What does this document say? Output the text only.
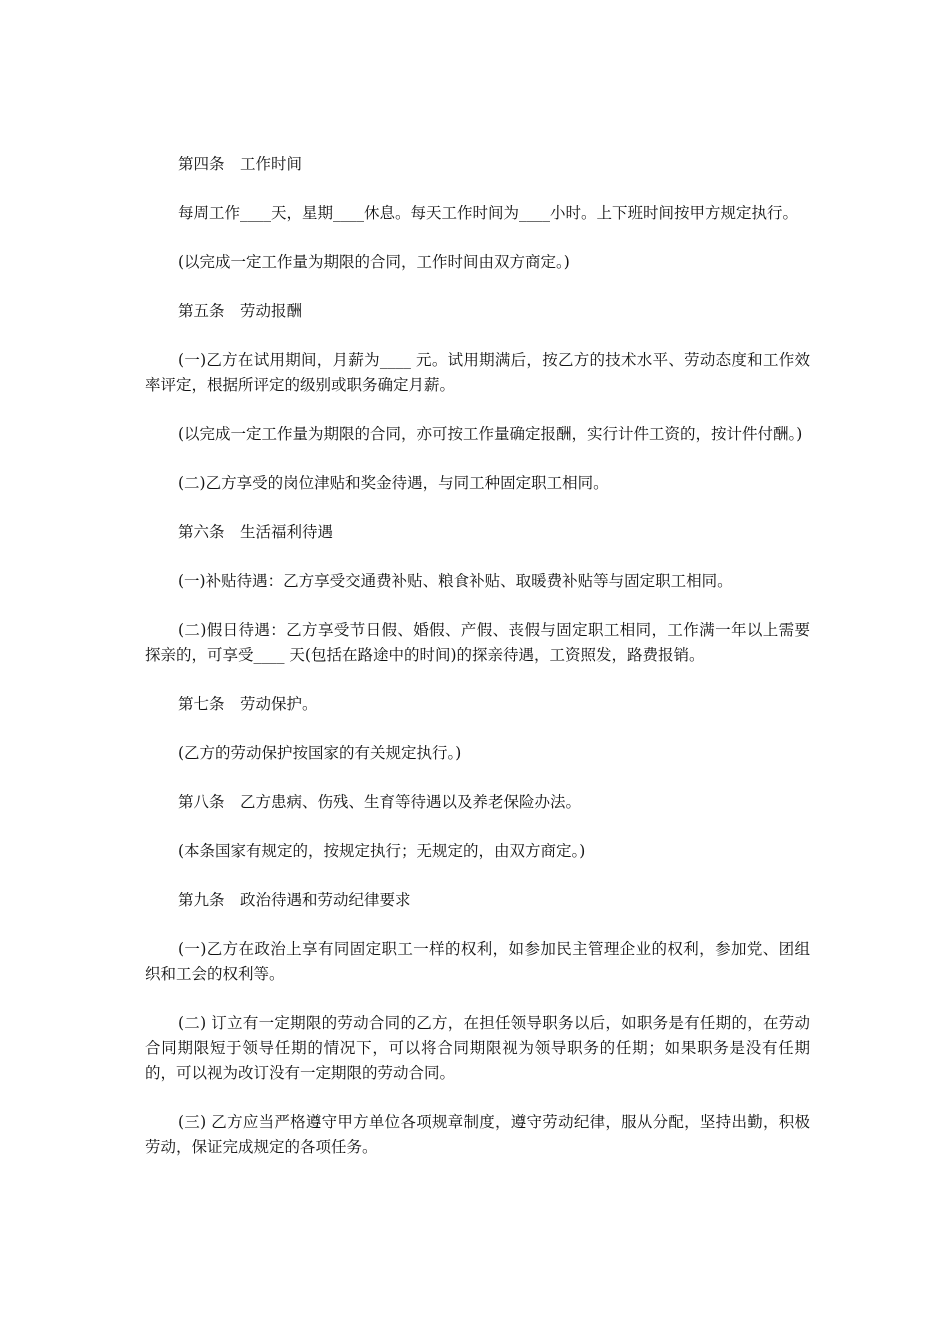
第四条　工作时间

每周工作____天，星期____休息。每天工作时间为____小时。上下班时间按甲方规定执行。

(以完成一定工作量为期限的合同，工作时间由双方商定。)

第五条　劳动报酬

(一)乙方在试用期间，月薪为____ 元。试用期满后，按乙方的技术水平、劳动态度和工作效率评定，根据所评定的级别或职务确定月薪。

(以完成一定工作量为期限的合同，亦可按工作量确定报酬，实行计件工资的，按计件付酬。)

(二)乙方享受的岗位津贴和奖金待遇，与同工种固定职工相同。

第六条　生活福利待遇

(一)补贴待遇：乙方享受交通费补贴、粮食补贴、取暖费补贴等与固定职工相同。

(二)假日待遇：乙方享受节日假、婚假、产假、丧假与固定职工相同，工作满一年以上需要探亲的，可享受____ 天(包括在路途中的时间)的探亲待遇，工资照发，路费报销。

第七条　劳动保护。

(乙方的劳动保护按国家的有关规定执行。)

第八条　乙方患病、伤残、生育等待遇以及养老保险办法。

(本条国家有规定的，按规定执行；无规定的，由双方商定。)

第九条　政治待遇和劳动纪律要求

(一)乙方在政治上享有同固定职工一样的权利，如参加民主管理企业的权利，参加党、团组织和工会的权利等。

(二) 订立有一定期限的劳动合同的乙方，在担任领导职务以后，如职务是有任期的，在劳动合同期限短于领导任期的情况下，可以将合同期限视为领导职务的任期；如果职务是没有任期的，可以视为改订没有一定期限的劳动合同。

(三) 乙方应当严格遵守甲方单位各项规章制度，遵守劳动纪律，服从分配，坚持出勤，积极劳动，保证完成规定的各项任务。
